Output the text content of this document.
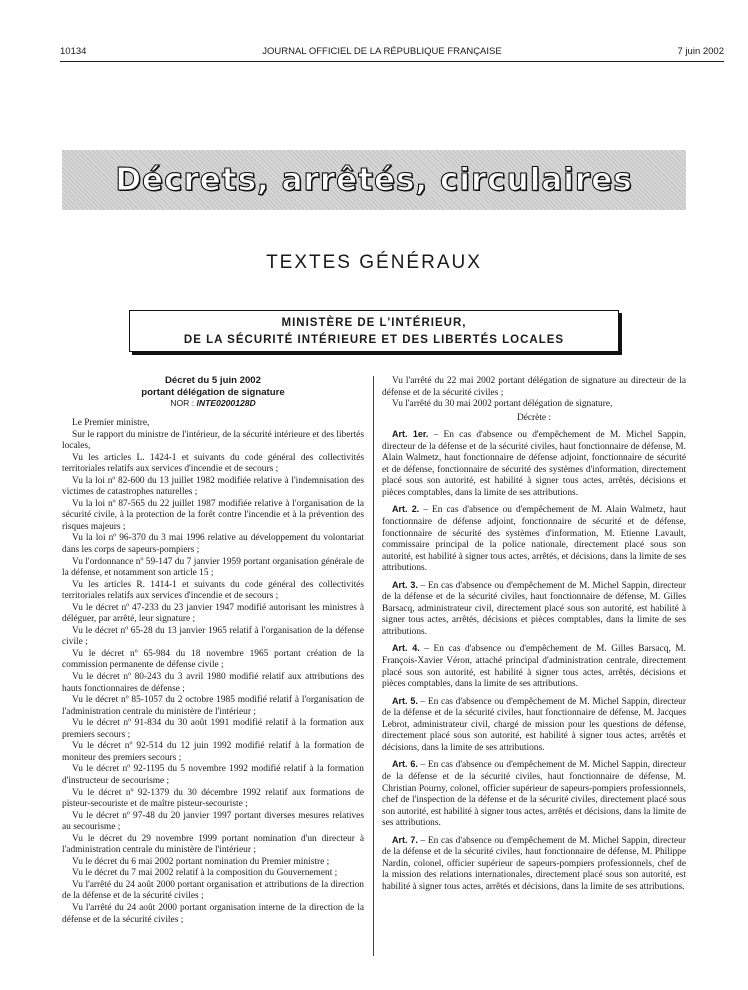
10134	JOURNAL OFFICIEL DE LA RÉPUBLIQUE FRANÇAISE	7 juin 2002
Décrets, arrêtés, circulaires
TEXTES GÉNÉRAUX
MINISTÈRE DE L'INTÉRIEUR,
DE LA SÉCURITÉ INTÉRIEURE ET DES LIBERTÉS LOCALES
Décret du 5 juin 2002
portant délégation de signature
NOR : INTE0200128D

Le Premier ministre,

Sur le rapport du ministre de l'intérieur, de la sécurité intérieure et des libertés locales,

Vu les articles L. 1424-1 et suivants du code général des collectivités territoriales relatifs aux services d'incendie et de secours ;

Vu la loi nº 82-600 du 13 juillet 1982 modifiée relative à l'indemnisation des victimes de catastrophes naturelles ;

Vu la loi nº 87-565 du 22 juillet 1987 modifiée relative à l'organisation de la sécurité civile, à la protection de la forêt contre l'incendie et à la prévention des risques majeurs ;

Vu la loi nº 96-370 du 3 mai 1996 relative au développement du volontariat dans les corps de sapeurs-pompiers ;

Vu l'ordonnance nº 59-147 du 7 janvier 1959 portant organisation générale de la défense, et notamment son article 15 ;

Vu les articles R. 1414-1 et suivants du code général des collectivités territoriales relatifs aux services d'incendie et de secours ;

Vu le décret nº 47-233 du 23 janvier 1947 modifié autorisant les ministres à déléguer, par arrêté, leur signature ;

Vu le décret nº 65-28 du 13 janvier 1965 relatif à l'organisation de la défense civile ;

Vu le décret nº 65-984 du 18 novembre 1965 portant création de la commission permanente de défense civile ;

Vu le décret nº 80-243 du 3 avril 1980 modifié relatif aux attributions des hauts fonctionnaires de défense ;

Vu le décret nº 85-1057 du 2 octobre 1985 modifié relatif à l'organisation de l'administration centrale du ministère de l'intérieur ;

Vu le décret nº 91-834 du 30 août 1991 modifié relatif à la formation aux premiers secours ;

Vu le décret nº 92-514 du 12 juin 1992 modifié relatif à la formation de moniteur des premiers secours ;

Vu le décret nº 92-1195 du 5 novembre 1992 modifié relatif à la formation d'instructeur de secourisme ;

Vu le décret nº 92-1379 du 30 décembre 1992 relatif aux formations de pisteur-secouriste et de maître pisteur-secouriste ;

Vu le décret nº 97-48 du 20 janvier 1997 portant diverses mesures relatives au secourisme ;

Vu le décret du 29 novembre 1999 portant nomination d'un directeur à l'administration centrale du ministère de l'intérieur ;

Vu le décret du 6 mai 2002 portant nomination du Premier ministre ;

Vu le décret du 7 mai 2002 relatif à la composition du Gouvernement ;

Vu l'arrêté du 24 août 2000 portant organisation et attributions de la direction de la défense et de la sécurité civiles ;

Vu l'arrêté du 24 août 2000 portant organisation interne de la direction de la défense et de la sécurité civiles ;

Vu l'arrêté du 22 mai 2002 portant délégation de signature au directeur de la défense et de la sécurité civiles ;

Vu l'arrêté du 30 mai 2002 portant délégation de signature,

Décrète :

Art. 1er. – En cas d'absence ou d'empêchement de M. Michel Sappin, directeur de la défense et de la sécurité civiles, haut fonctionnaire de défense, M. Alain Walmetz, haut fonctionnaire de défense adjoint, fonctionnaire de sécurité et de défense, fonctionnaire de sécurité des systèmes d'information, directement placé sous son autorité, est habilité à signer tous actes, arrêtés, décisions et pièces comptables, dans la limite de ses attributions.

Art. 2. – En cas d'absence ou d'empêchement de M. Alain Walmetz, haut fonctionnaire de défense adjoint, fonctionnaire de sécurité et de défense, fonctionnaire de sécurité des systèmes d'information, M. Etienne Lavault, commissaire principal de la police nationale, directement placé sous son autorité, est habilité à signer tous actes, arrêtés, et décisions, dans la limite de ses attributions.

Art. 3. – En cas d'absence ou d'empêchement de M. Michel Sappin, directeur de la défense et de la sécurité civiles, haut fonctionnaire de défense, M. Gilles Barsacq, administrateur civil, directement placé sous son autorité, est habilité à signer tous actes, arrêtés, décisions et pièces comptables, dans la limite de ses attributions.

Art. 4. – En cas d'absence ou d'empêchement de M. Gilles Barsacq, M. François-Xavier Véron, attaché principal d'administration centrale, directement placé sous son autorité, est habilité à signer tous actes, arrêtés, décisions et pièces comptables, dans la limite de ses attributions.

Art. 5. – En cas d'absence ou d'empêchement de M. Michel Sappin, directeur de la défense et de la sécurité civiles, haut fonctionnaire de défense, M. Jacques Lebrot, administrateur civil, chargé de mission pour les questions de défense, directement placé sous son autorité, est habilité à signer tous actes, arrêtés et décisions, dans la limite de ses attributions.

Art. 6. – En cas d'absence ou d'empêchement de M. Michel Sappin, directeur de la défense et de la sécurité civiles, haut fonctionnaire de défense, M. Christian Pourny, colonel, officier supérieur de sapeurs-pompiers professionnels, chef de l'inspection de la défense et de la sécurité civiles, directement placé sous son autorité, est habilité à signer tous actes, arrêtés et décisions, dans la limite de ses attributions.

Art. 7. – En cas d'absence ou d'empêchement de M. Michel Sappin, directeur de la défense et de la sécurité civiles, haut fonctionnaire de défense, M. Philippe Nardin, colonel, officier supérieur de sapeurs-pompiers professionnels, chef de la mission des relations internationales, directement placé sous son autorité, est habilité à signer tous actes, arrêtés et décisions, dans la limite de ses attributions.
